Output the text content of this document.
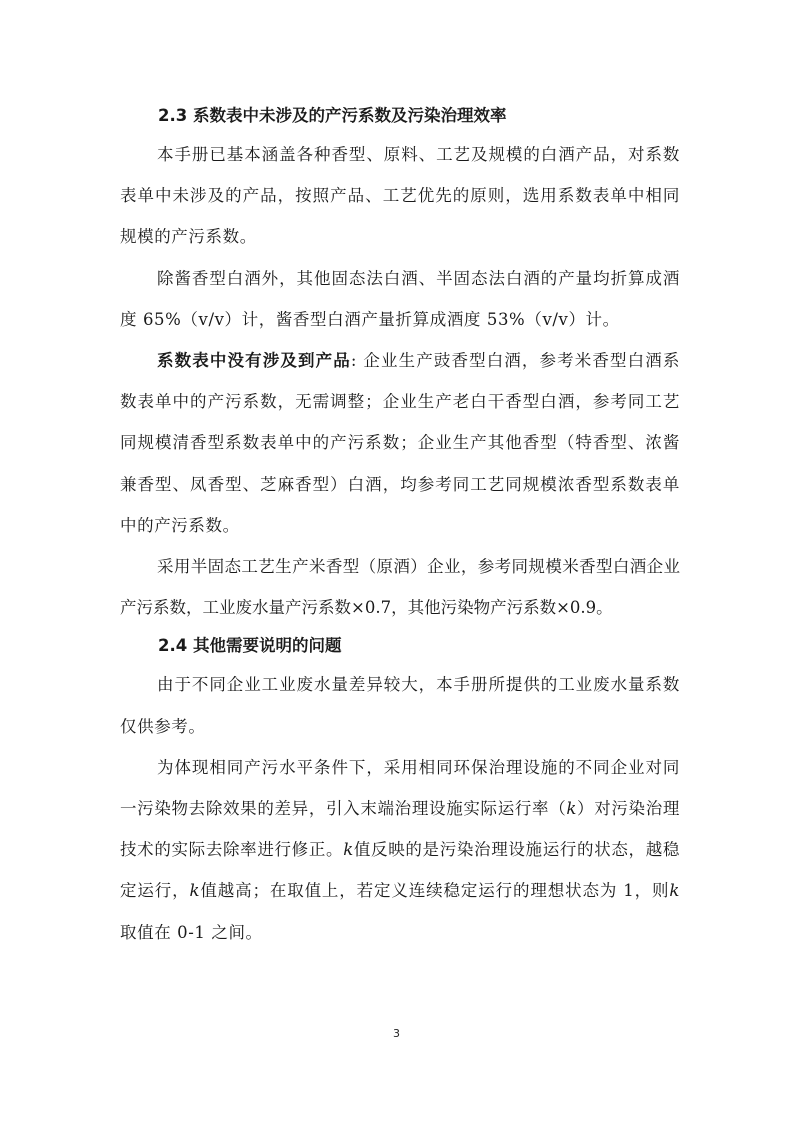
2.3 系数表中未涉及的产污系数及污染治理效率

本手册已基本涵盖各种香型、原料、工艺及规模的白酒产品，对系数表单中未涉及的产品，按照产品、工艺优先的原则，选用系数表单中相同规模的产污系数。

除酱香型白酒外，其他固态法白酒、半固态法白酒的产量均折算成酒度 65%（v/v）计，酱香型白酒产量折算成酒度 53%（v/v）计。

系数表中没有涉及到产品: 企业生产豉香型白酒，参考米香型白酒系数表单中的产污系数，无需调整；企业生产老白干香型白酒，参考同工艺同规模清香型系数表单中的产污系数；企业生产其他香型（特香型、浓酱兼香型、凤香型、芝麻香型）白酒，均参考同工艺同规模浓香型系数表单中的产污系数。

采用半固态工艺生产米香型（原酒）企业，参考同规模米香型白酒企业产污系数，工业废水量产污系数×0.7，其他污染物产污系数×0.9。

2.4 其他需要说明的问题

由于不同企业工业废水量差异较大，本手册所提供的工业废水量系数仅供参考。

为体现相同产污水平条件下，采用相同环保治理设施的不同企业对同一污染物去除效果的差异，引入末端治理设施实际运行率（k）对污染治理技术的实际去除率进行修正。k值反映的是污染治理设施运行的状态，越稳定运行，k值越高；在取值上，若定义连续稳定运行的理想状态为 1，则k取值在 0-1 之间。

3
